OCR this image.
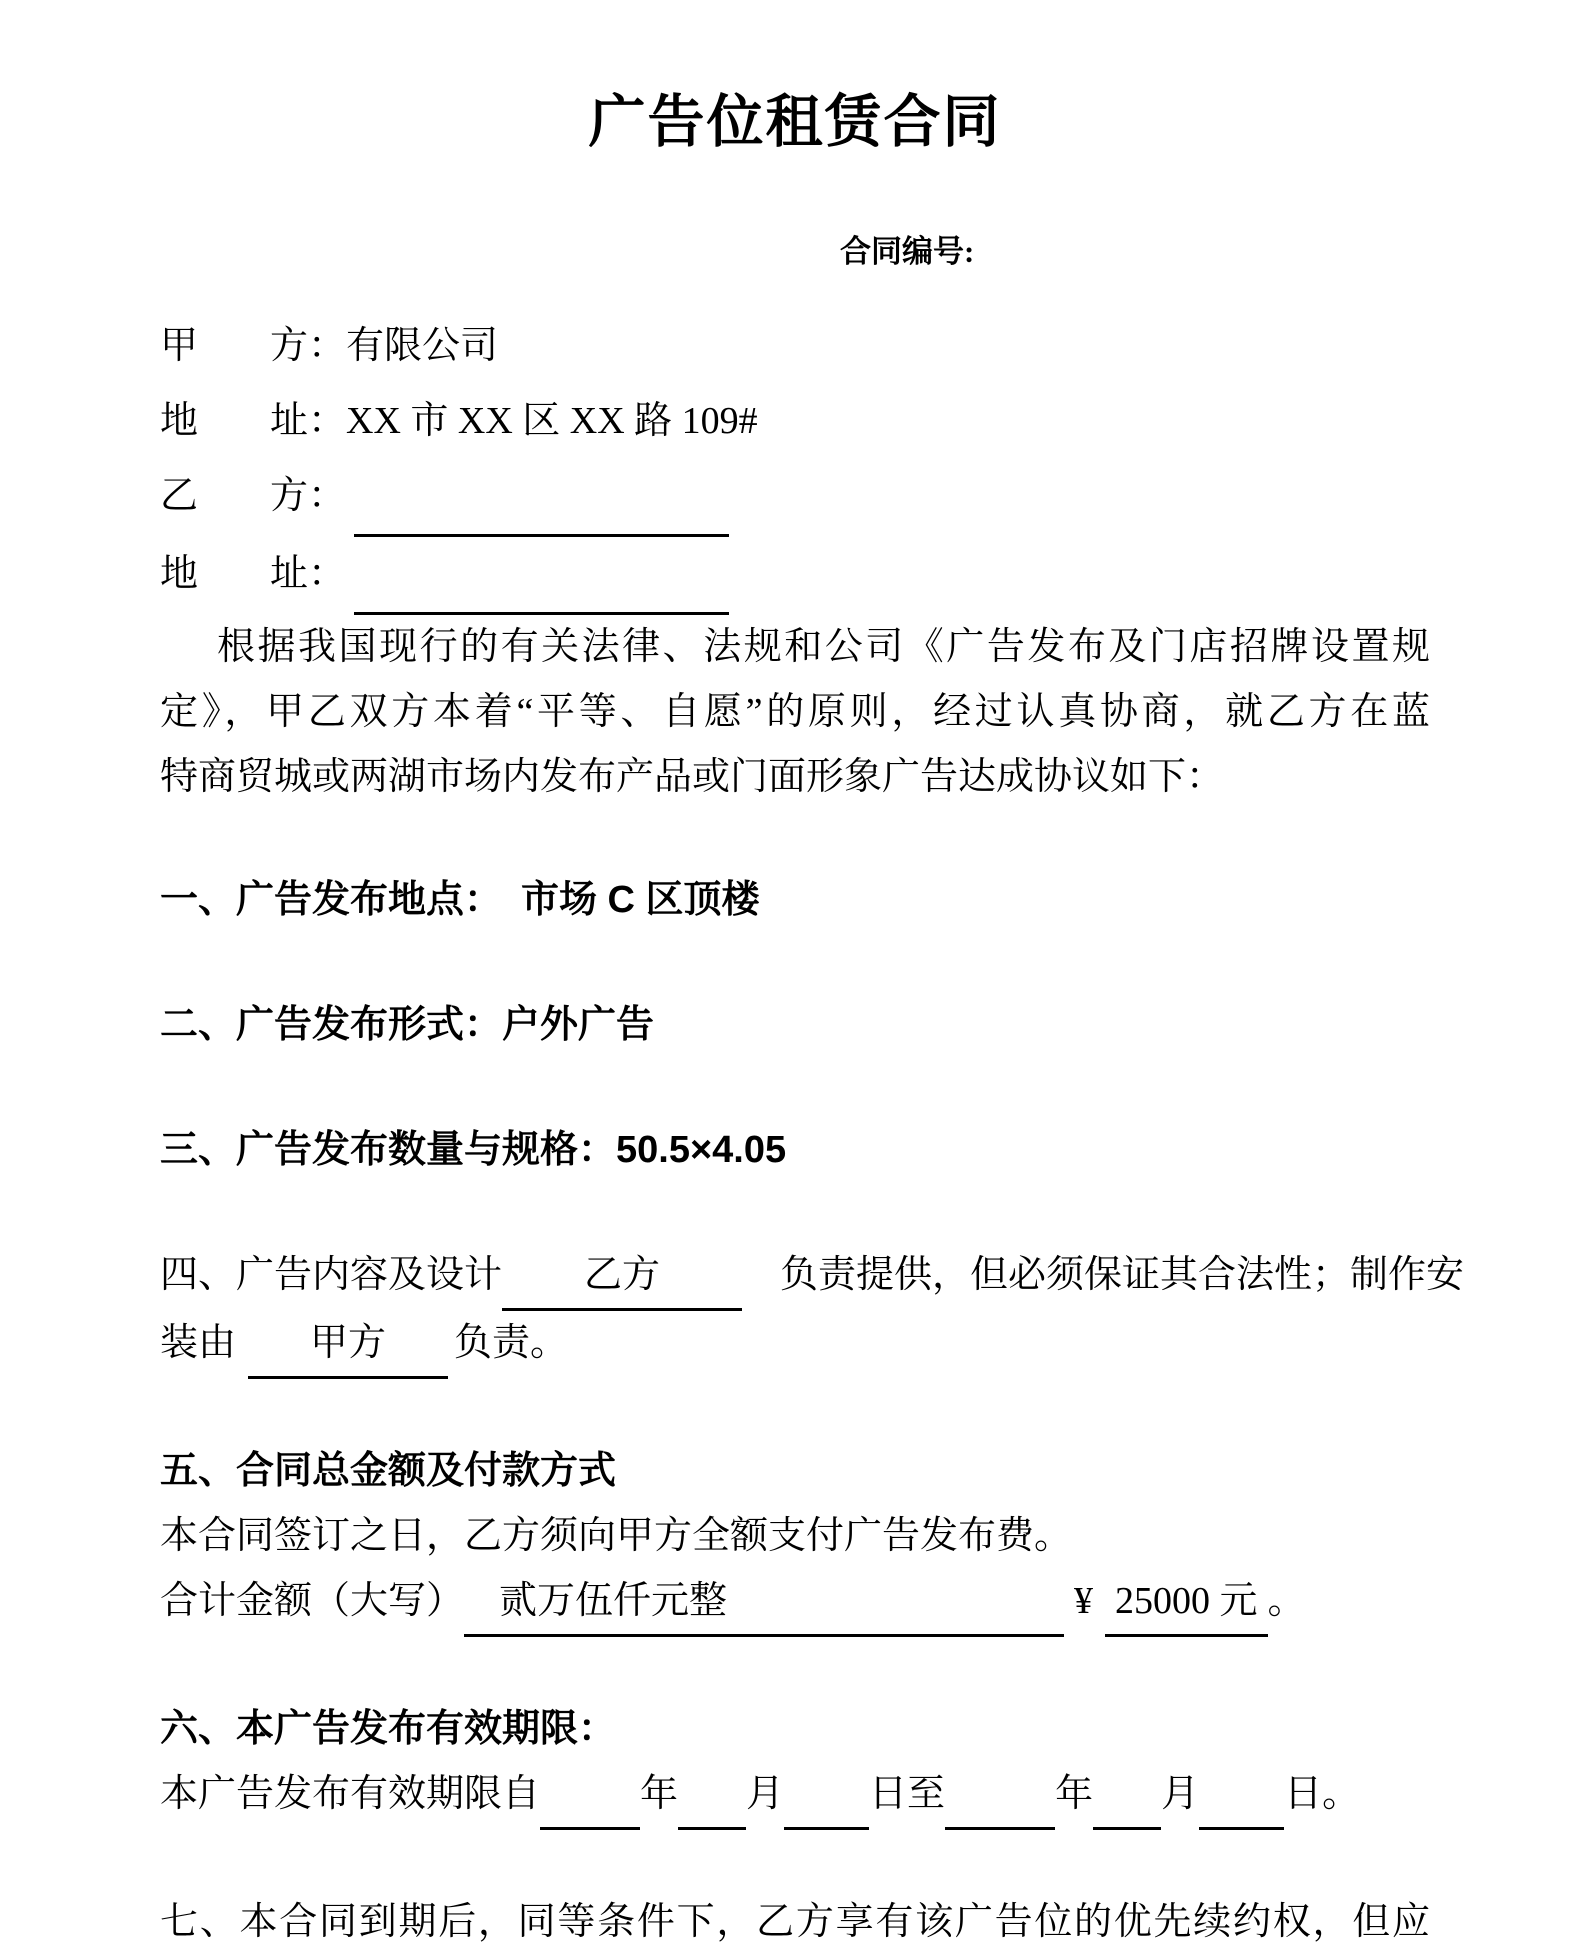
广告位租赁合同
合同编号:
甲 方：有限公司
地 址：XX 市 XX 区 XX 路 109#
乙 方：
地 址：
根据我国现行的有关法律、法规和公司《广告发布及门店招牌设置规
定》，甲乙双方本着“平等、自愿”的原则，经过认真协商，就乙方在蓝
特商贸城或两湖市场内发布产品或门面形象广告达成协议如下：
一、广告发布地点：　市场 C 区顶楼
二、广告发布形式：户外广告
三、广告发布数量与规格：50.5×4.05
四、广告内容及设计 乙方　负责提供，但必须保证其合法性；制作安
装由 甲方 负责。
五、合同总金额及付款方式
本合同签订之日，乙方须向甲方全额支付广告发布费。
合计金额（大写） 贰万伍仟元整	¥ 25000 元 。
六、本广告发布有效期限：
本广告发布有效期限自	年 月 日至	年 月 日。
七、本合同到期后，同等条件下，乙方享有该广告位的优先续约权，但应
